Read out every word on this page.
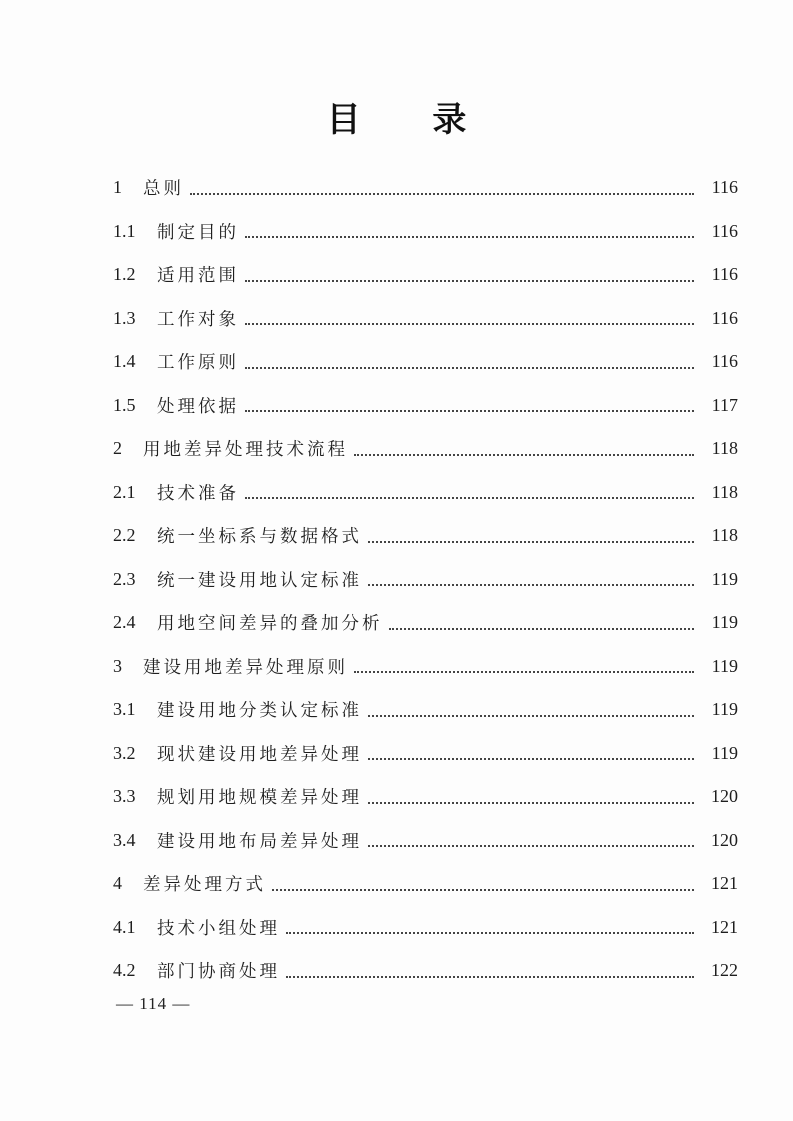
目 录
1	总则	116
1.1	制定目的	116
1.2	适用范围	116
1.3	工作对象	116
1.4	工作原则	116
1.5	处理依据	117
2	用地差异处理技术流程	118
2.1	技术准备	118
2.2	统一坐标系与数据格式	118
2.3	统一建设用地认定标准	119
2.4	用地空间差异的叠加分析	119
3	建设用地差异处理原则	119
3.1	建设用地分类认定标准	119
3.2	现状建设用地差异处理	119
3.3	规划用地规模差异处理	120
3.4	建设用地布局差异处理	120
4	差异处理方式	121
4.1	技术小组处理	121
4.2	部门协商处理	122
— 114 —
